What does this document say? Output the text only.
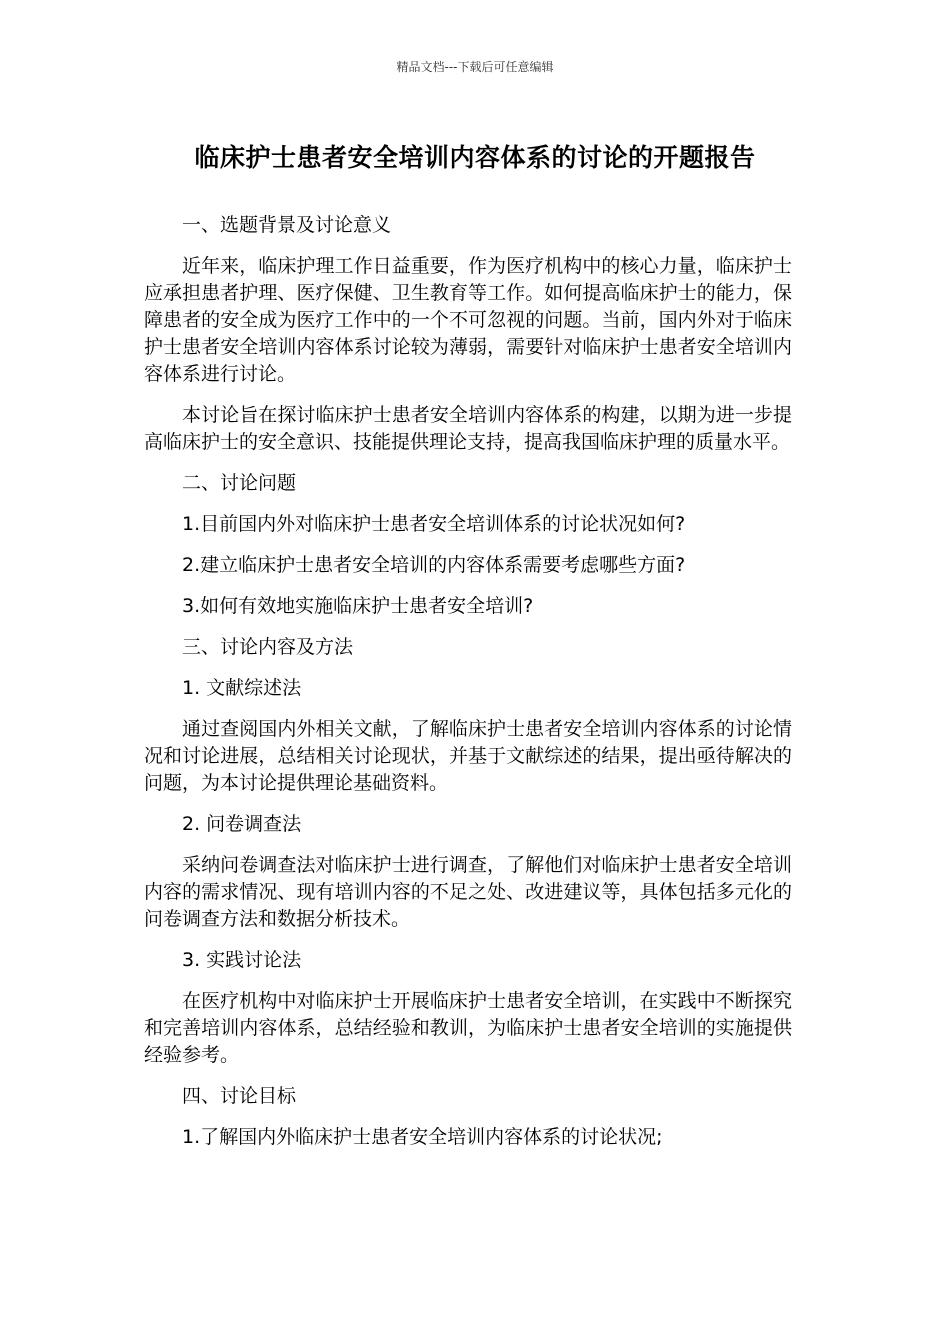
精品文档---下载后可任意编辑
临床护士患者安全培训内容体系的讨论的开题报告

一、选题背景及讨论意义

近年来，临床护理工作日益重要，作为医疗机构中的核心力量，临床护士应承担患者护理、医疗保健、卫生教育等工作。如何提高临床护士的能力，保障患者的安全成为医疗工作中的一个不可忽视的问题。当前，国内外对于临床护士患者安全培训内容体系讨论较为薄弱，需要针对临床护士患者安全培训内容体系进行讨论。

本讨论旨在探讨临床护士患者安全培训内容体系的构建，以期为进一步提高临床护士的安全意识、技能提供理论支持，提高我国临床护理的质量水平。

二、讨论问题

1.目前国内外对临床护士患者安全培训体系的讨论状况如何?

2.建立临床护士患者安全培训的内容体系需要考虑哪些方面?

3.如何有效地实施临床护士患者安全培训?

三、讨论内容及方法

1. 文献综述法

通过查阅国内外相关文献，了解临床护士患者安全培训内容体系的讨论情况和讨论进展，总结相关讨论现状，并基于文献综述的结果，提出亟待解决的问题，为本讨论提供理论基础资料。

2. 问卷调查法

采纳问卷调查法对临床护士进行调查，了解他们对临床护士患者安全培训内容的需求情况、现有培训内容的不足之处、改进建议等，具体包括多元化的问卷调查方法和数据分析技术。

3. 实践讨论法

在医疗机构中对临床护士开展临床护士患者安全培训，在实践中不断探究和完善培训内容体系，总结经验和教训，为临床护士患者安全培训的实施提供经验参考。

四、讨论目标

1.了解国内外临床护士患者安全培训内容体系的讨论状况;
